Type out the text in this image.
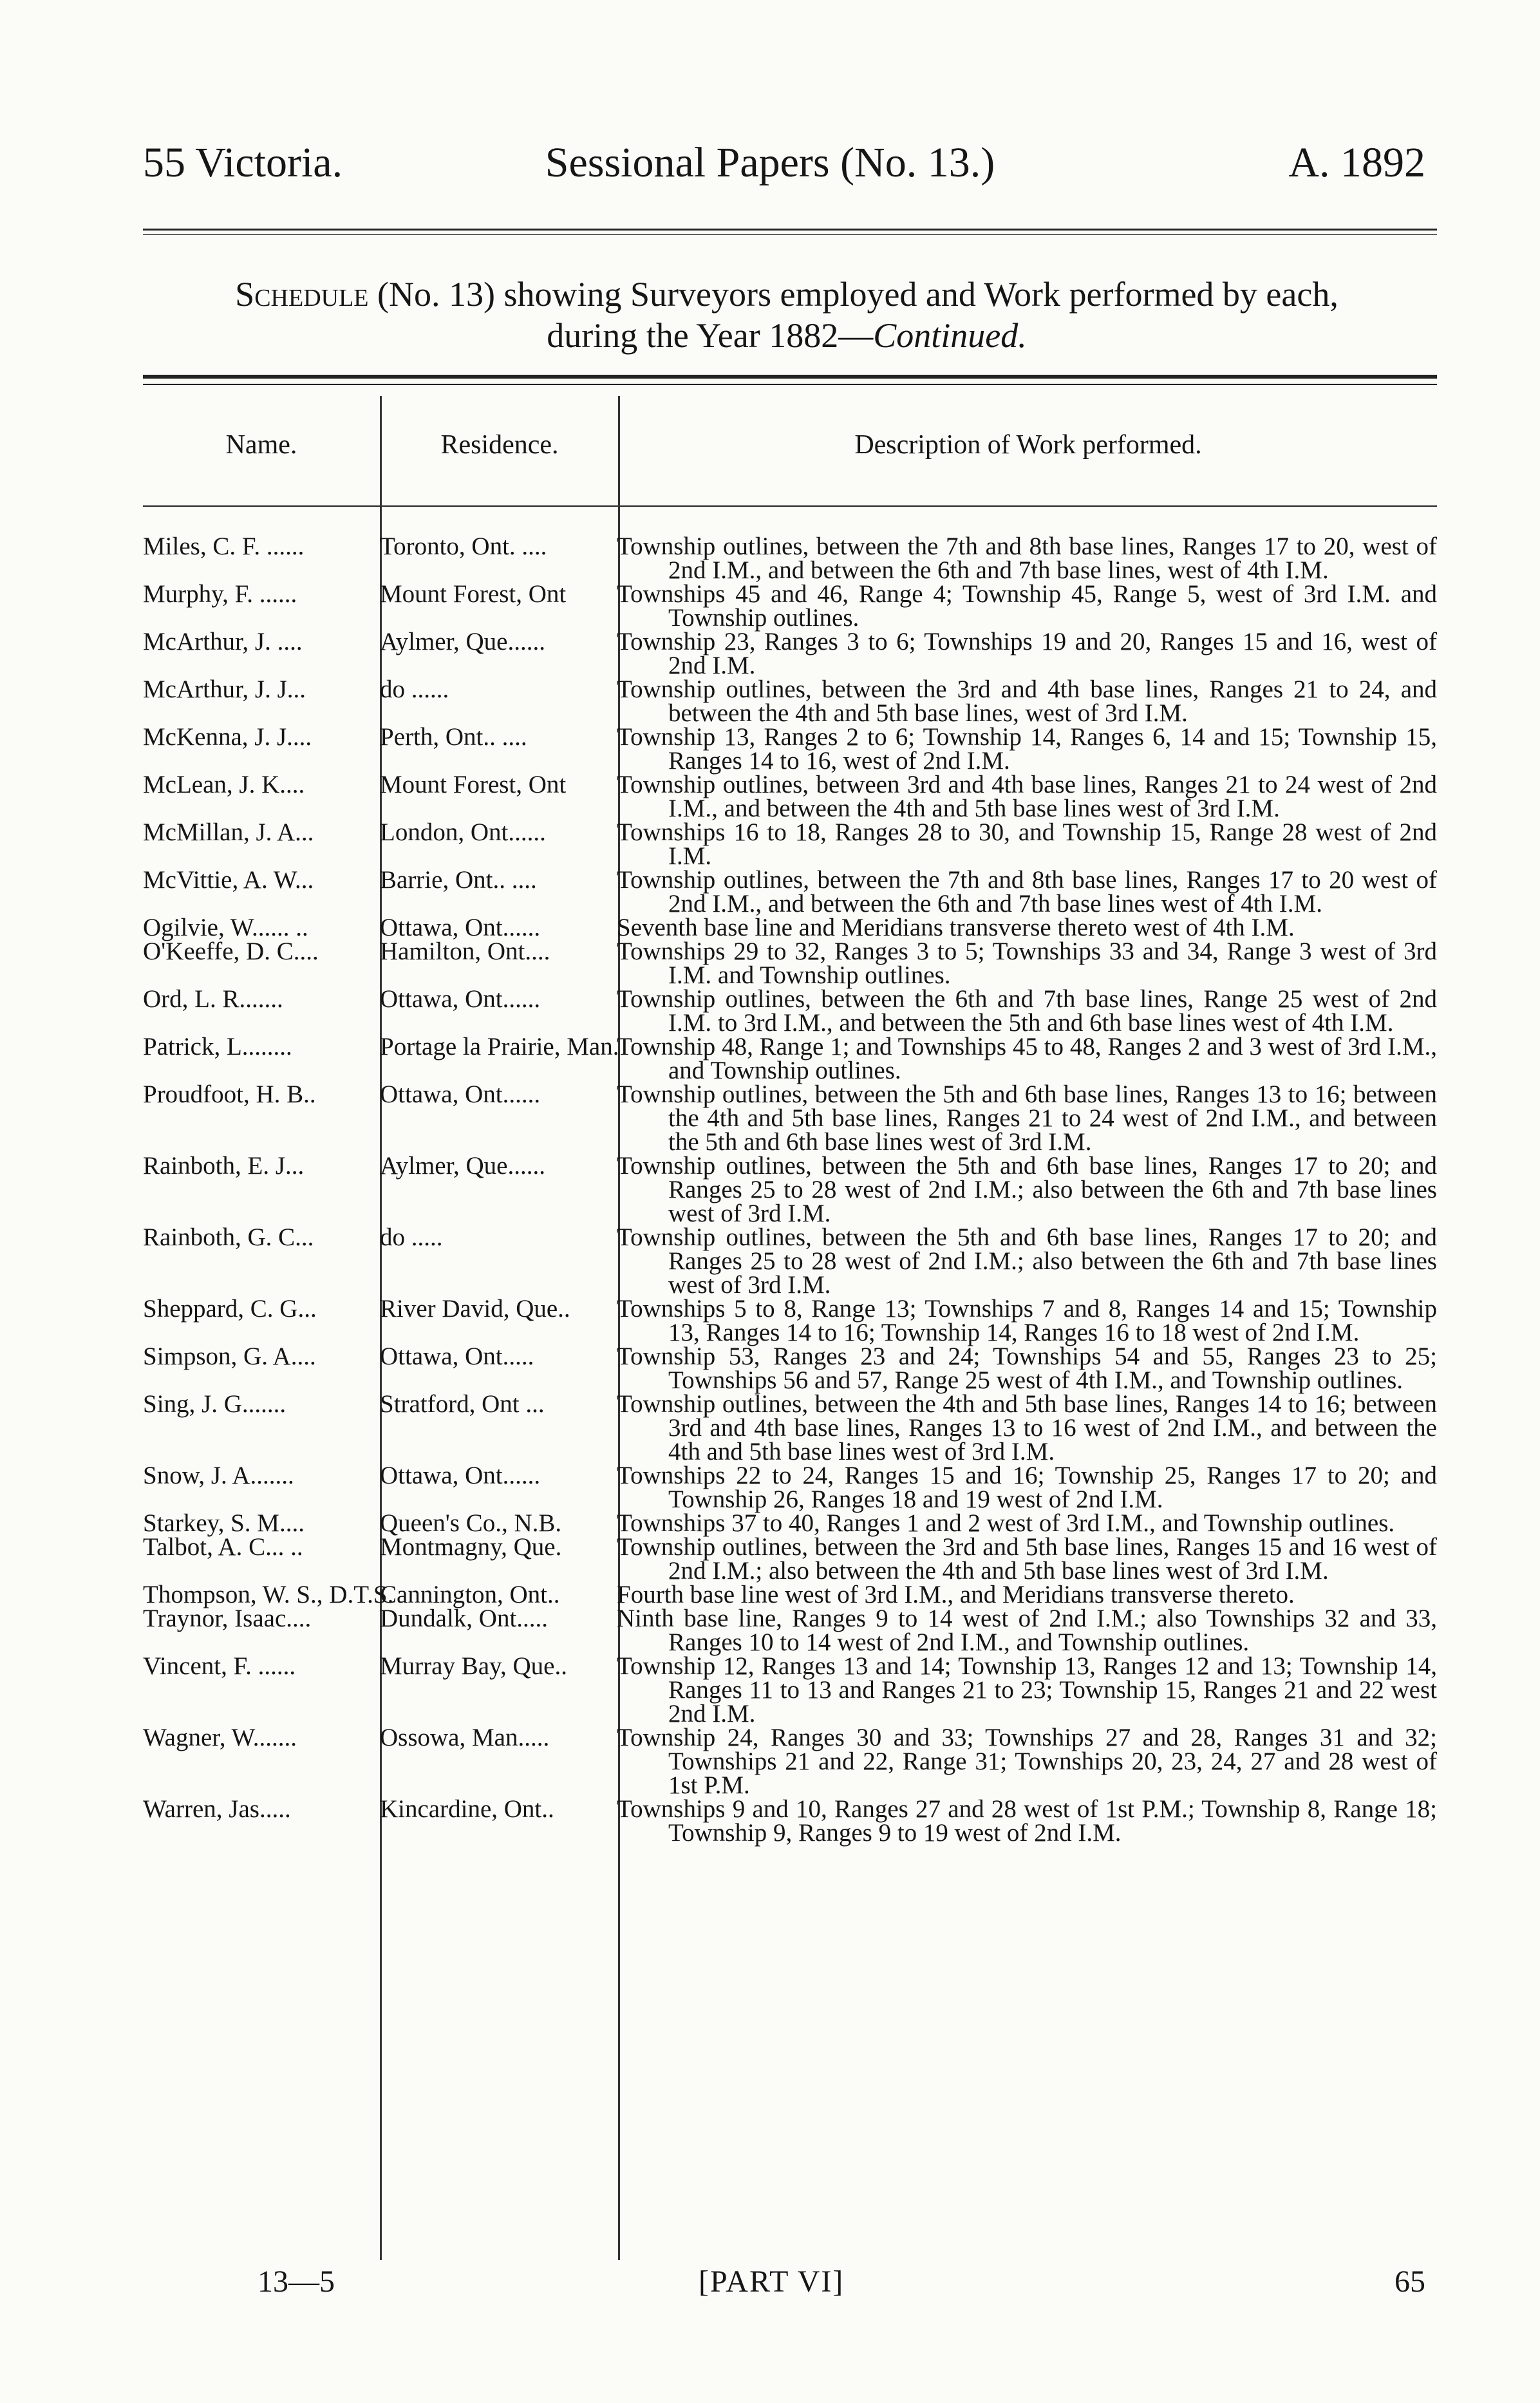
55 Victoria.	Sessional Papers (No. 13.)	A. 1892
Schedule (No. 13) showing Surveyors employed and Work performed by each,
during the Year 1882—Continued.
Name.	Residence.	Description of Work performed.
Miles, C. F. ......	Toronto, Ont. ....	Township outlines, between the 7th and 8th base lines, Ranges 17 to 20, west of 2nd I.M., and between the 6th and 7th base lines, west of 4th I.M.

Murphy, F. ......	Mount Forest, Ont	Townships 45 and 46, Range 4; Township 45, Range 5, west of 3rd I.M. and Township outlines.

McArthur, J. ....	Aylmer, Que......	Township 23, Ranges 3 to 6; Townships 19 and 20, Ranges 15 and 16, west of 2nd I.M.

McArthur, J. J...	do ......	Township outlines, between the 3rd and 4th base lines, Ranges 21 to 24, and between the 4th and 5th base lines, west of 3rd I.M.

McKenna, J. J....	Perth, Ont.. ....	Township 13, Ranges 2 to 6; Township 14, Ranges 6, 14 and 15; Township 15, Ranges 14 to 16, west of 2nd I.M.

McLean, J. K....	Mount Forest, Ont	Township outlines, between 3rd and 4th base lines, Ranges 21 to 24 west of 2nd I.M., and between the 4th and 5th base lines west of 3rd I.M.

McMillan, J. A...	London, Ont......	Townships 16 to 18, Ranges 28 to 30, and Township 15, Range 28 west of 2nd I.M.

McVittie, A. W...	Barrie, Ont.. ....	Township outlines, between the 7th and 8th base lines, Ranges 17 to 20 west of 2nd I.M., and between the 6th and 7th base lines west of 4th I.M.

Ogilvie, W...... ..	Ottawa, Ont......	Seventh base line and Meridians transverse thereto west of 4th I.M.

O'Keeffe, D. C....	Hamilton, Ont....	Townships 29 to 32, Ranges 3 to 5; Townships 33 and 34, Range 3 west of 3rd I.M. and Township outlines.

Ord, L. R.......	Ottawa, Ont......	Township outlines, between the 6th and 7th base lines, Range 25 west of 2nd I.M. to 3rd I.M., and between the 5th and 6th base lines west of 4th I.M.

Patrick, L........	Portage la Prairie, Man.	Township 48, Range 1; and Townships 45 to 48, Ranges 2 and 3 west of 3rd I.M., and Township outlines.

Proudfoot, H. B..	Ottawa, Ont......	Township outlines, between the 5th and 6th base lines, Ranges 13 to 16; between the 4th and 5th base lines, Ranges 21 to 24 west of 2nd I.M., and between the 5th and 6th base lines west of 3rd I.M.

Rainboth, E. J...	Aylmer, Que......	Township outlines, between the 5th and 6th base lines, Ranges 17 to 20; and Ranges 25 to 28 west of 2nd I.M.; also between the 6th and 7th base lines west of 3rd I.M.

Rainboth, G. C...	do .....	Township outlines, between the 5th and 6th base lines, Ranges 17 to 20; and Ranges 25 to 28 west of 2nd I.M.; also between the 6th and 7th base lines west of 3rd I.M.

Sheppard, C. G...	River David, Que..	Townships 5 to 8, Range 13; Townships 7 and 8, Ranges 14 and 15; Township 13, Ranges 14 to 16; Township 14, Ranges 16 to 18 west of 2nd I.M.

Simpson, G. A....	Ottawa, Ont.....	Township 53, Ranges 23 and 24; Townships 54 and 55, Ranges 23 to 25; Townships 56 and 57, Range 25 west of 4th I.M., and Township outlines.

Sing, J. G.......	Stratford, Ont ...	Township outlines, between the 4th and 5th base lines, Ranges 14 to 16; between 3rd and 4th base lines, Ranges 13 to 16 west of 2nd I.M., and between the 4th and 5th base lines west of 3rd I.M.

Snow, J. A.......	Ottawa, Ont......	Townships 22 to 24, Ranges 15 and 16; Township 25, Ranges 17 to 20; and Township 26, Ranges 18 and 19 west of 2nd I.M.

Starkey, S. M....	Queen's Co., N.B.	Townships 37 to 40, Ranges 1 and 2 west of 3rd I.M., and Township outlines.

Talbot, A. C... ..	Montmagny, Que.	Township outlines, between the 3rd and 5th base lines, Ranges 15 and 16 west of 2nd I.M.; also between the 4th and 5th base lines west of 3rd I.M.

Thompson, W. S., D.T.S.	Cannington, Ont..	Fourth base line west of 3rd I.M., and Meridians transverse thereto.

Traynor, Isaac....	Dundalk, Ont.....	Ninth base line, Ranges 9 to 14 west of 2nd I.M.; also Townships 32 and 33, Ranges 10 to 14 west of 2nd I.M., and Township outlines.

Vincent, F. ......	Murray Bay, Que..	Township 12, Ranges 13 and 14; Township 13, Ranges 12 and 13; Township 14, Ranges 11 to 13 and Ranges 21 to 23; Township 15, Ranges 21 and 22 west 2nd I.M.

Wagner, W.......	Ossowa, Man.....	Township 24, Ranges 30 and 33; Townships 27 and 28, Ranges 31 and 32; Townships 21 and 22, Range 31; Townships 20, 23, 24, 27 and 28 west of 1st P.M.

Warren, Jas.....	Kincardine, Ont..	Townships 9 and 10, Ranges 27 and 28 west of 1st P.M.; Township 8, Range 18; Township 9, Ranges 9 to 19 west of 2nd I.M.
13—5	[PART VI]	65
